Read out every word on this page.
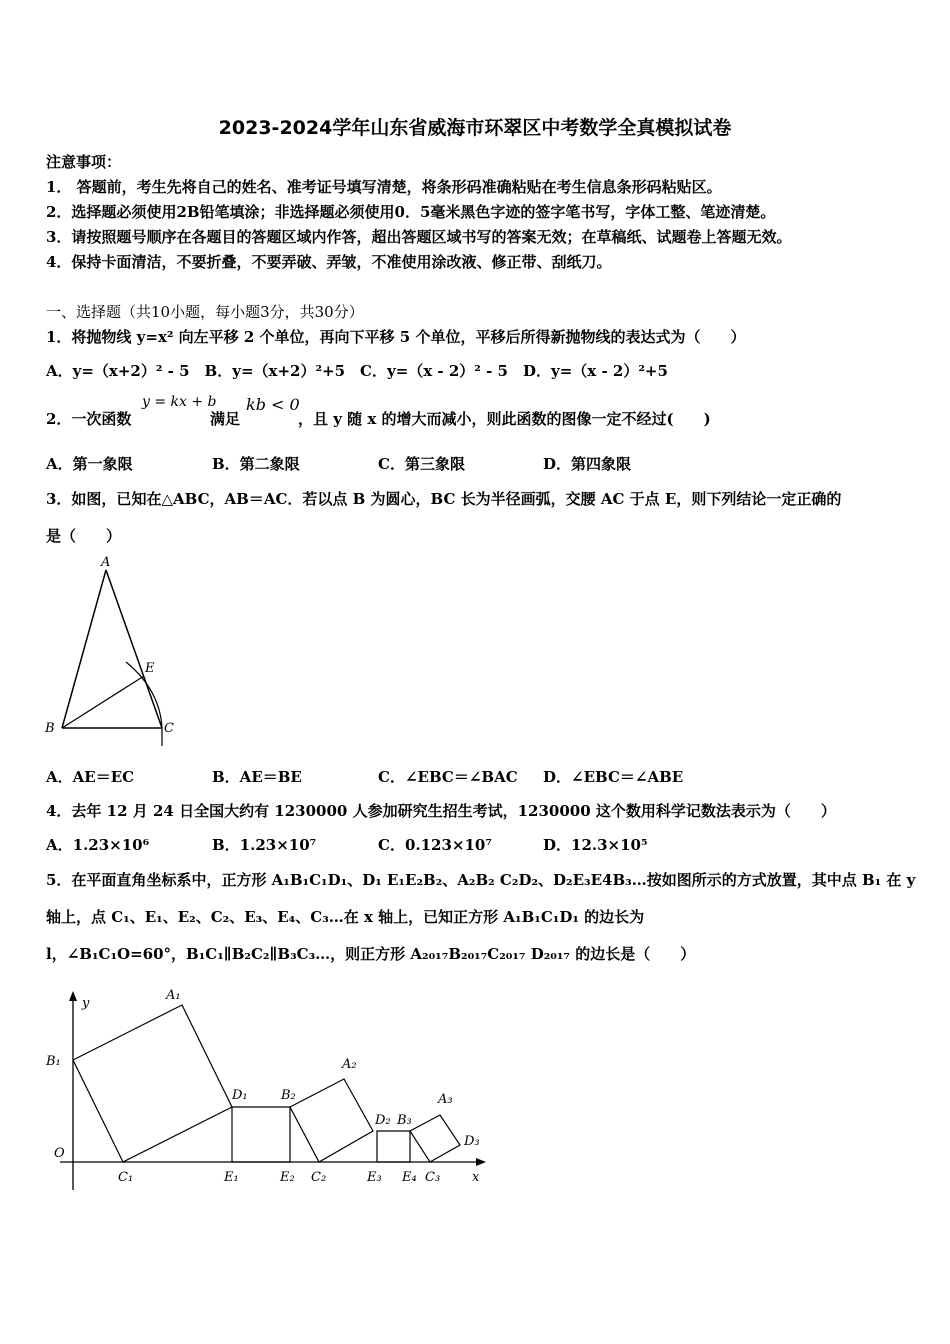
2023-2024学年山东省威海市环翠区中考数学全真模拟试卷
注意事项：
1． 答题前，考生先将自己的姓名、准考证号填写清楚，将条形码准确粘贴在考生信息条形码粘贴区。
2．选择题必须使用2B铅笔填涂；非选择题必须使用0．5毫米黑色字迹的签字笔书写，字体工整、笔迹清楚。
3．请按照题号顺序在各题目的答题区域内作答，超出答题区域书写的答案无效；在草稿纸、试题卷上答题无效。
4．保持卡面清洁，不要折叠，不要弄破、弄皱，不准使用涂改液、修正带、刮纸刀。
一、选择题（共10小题，每小题3分，共30分）
1．将抛物线 y=x² 向左平移 2 个单位，再向下平移 5 个单位，平移后所得新抛物线的表达式为（　　）
A．y=（x+2）² - 5　B．y=（x+2）²+5　C．y=（x - 2）² - 5　D．y=（x - 2）²+5
2．一次函数
y = kx + b
满足
kb < 0
，且 y 随 x 的增大而减小，则此函数的图像一定不经过(　　)
A．第一象限	B．第二象限	C．第三象限	D．第四象限
3．如图，已知在△ABC，AB＝AC．若以点 B 为圆心，BC 长为半径画弧，交腰 AC 于点 E，则下列结论一定正确的
是（　　）
A
E
B	C
A．AE＝EC	B．AE＝BE	C．∠EBC＝∠BAC D．∠EBC＝∠ABE
4．去年 12 月 24 日全国大约有 1230000 人参加研究生招生考试，1230000 这个数用科学记数法表示为（　　）
A．1.23×10⁶	B．1.23×10⁷	C．0.123×10⁷	D．12.3×10⁵
5．在平面直角坐标系中，正方形 A₁B₁C₁D₁、D₁ E₁E₂B₂、A₂B₂ C₂D₂、D₂E₃E4B₃…按如图所示的方式放置，其中点 B₁ 在 y
轴上，点 C₁、E₁、E₂、C₂、E₃、E₄、C₃…在 x 轴上，已知正方形 A₁B₁C₁D₁ 的边长为
l，∠B₁C₁O=60°，B₁C₁∥B₂C₂∥B₃C₃…，则正方形 A₂₀₁₇B₂₀₁₇C₂₀₁₇ D₂₀₁₇ 的边长是（　　）
y
A₁
B₁
O
C₁
D₁
E₁
B₂
E₂
A₂
C₂
D₂ B₃
E₃ E₄ C₃
A₃
D₃
x
